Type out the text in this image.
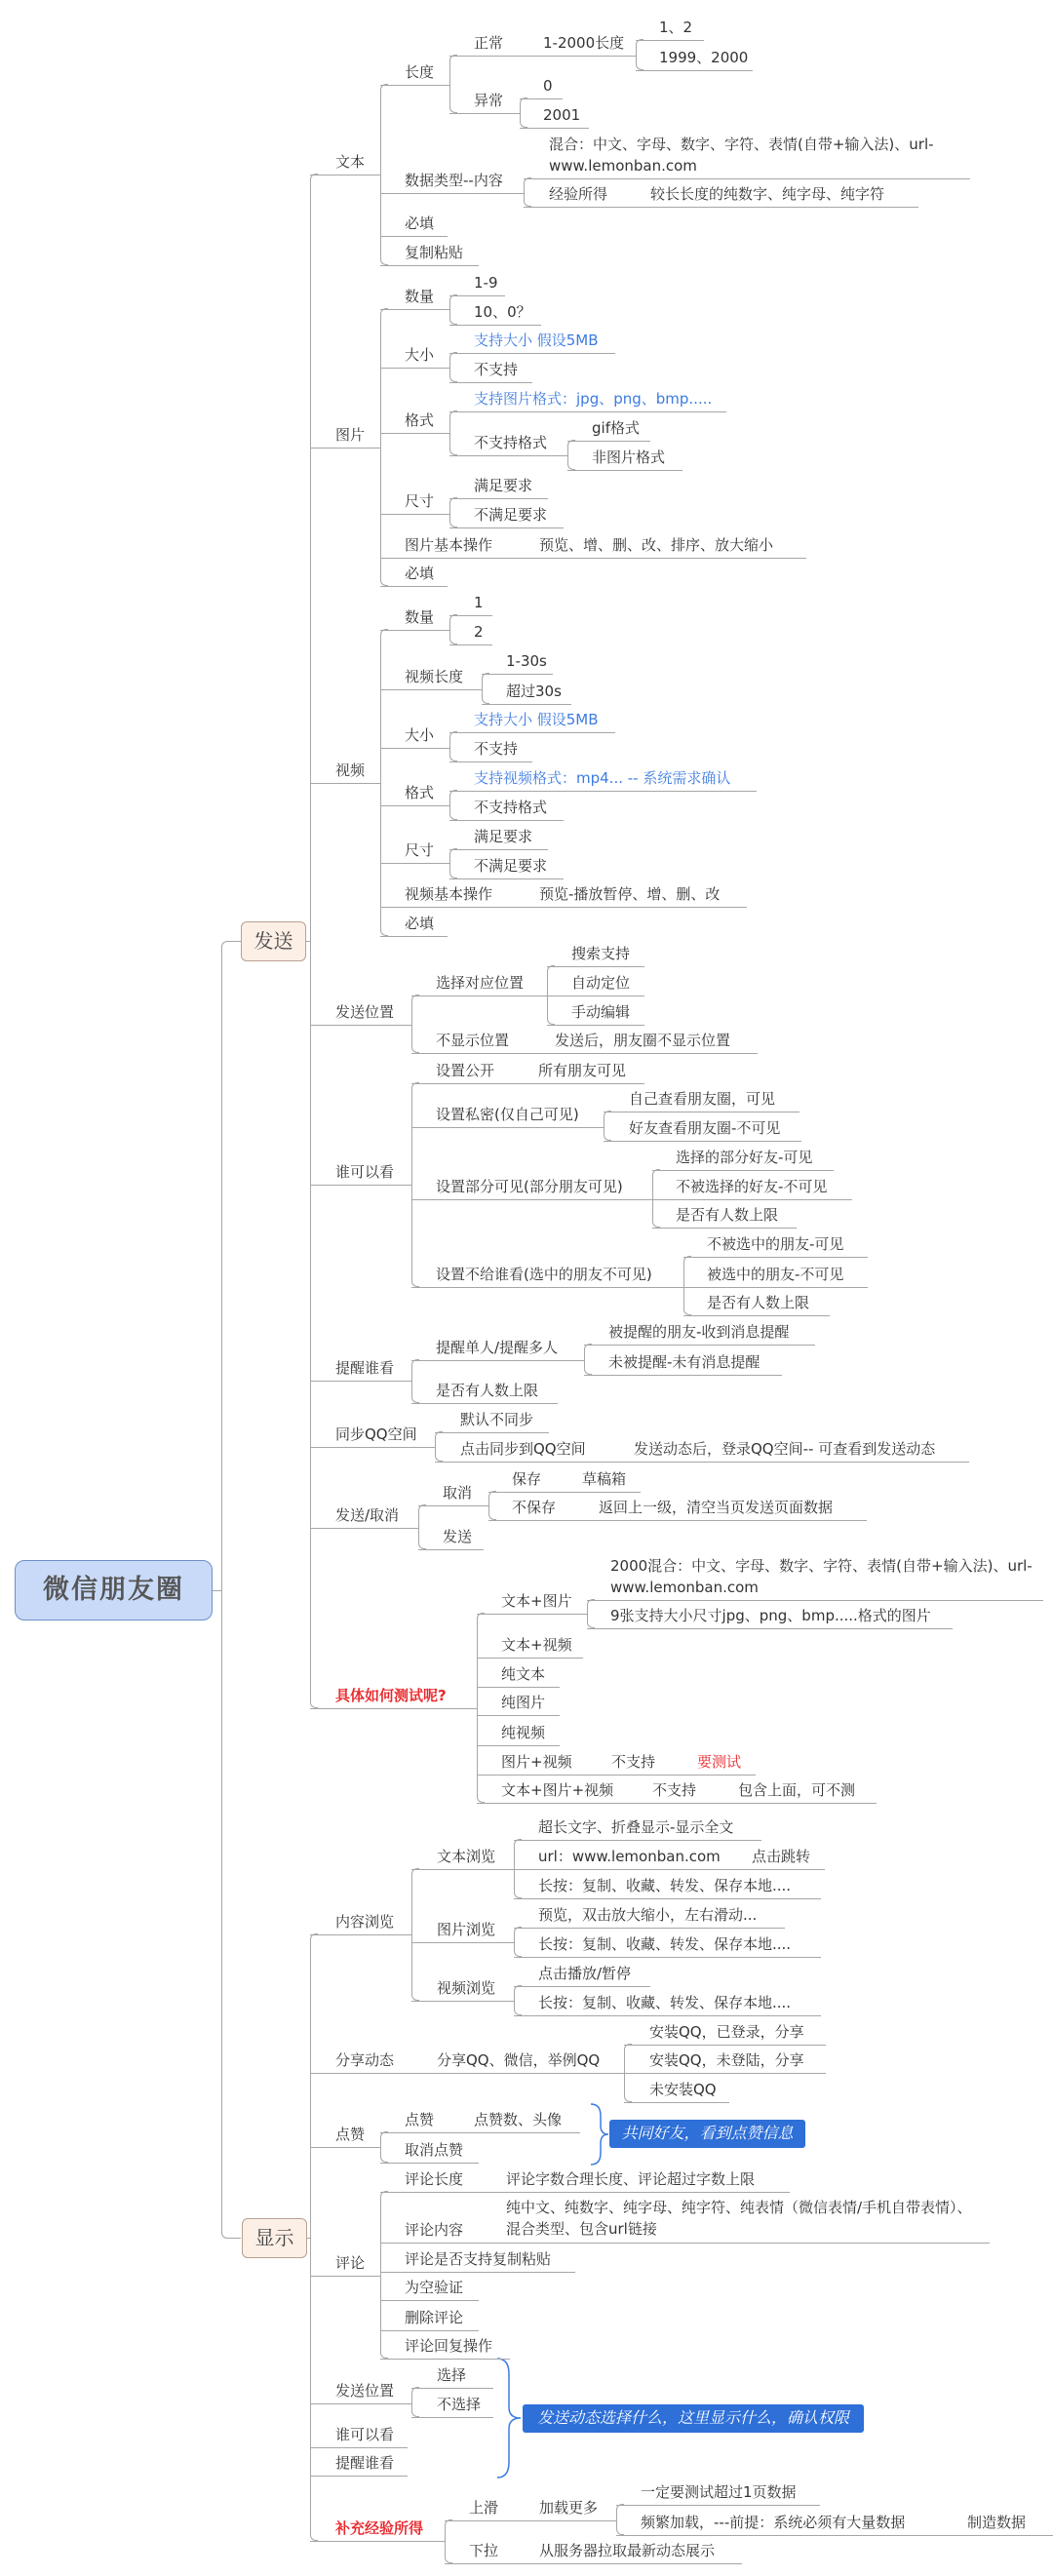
微信朋友圈
发送
显示
共同好友，看到点赞信息
发送动态选择什么，这里显示什么，确认权限
文本
长度
正常
1、2
1999、2000
异常
0
2001
数据类型--内容
混合：中文、字母、数字、字符、表情(自带+输入法)、url-www.lemonban.com
经验所得
必填
复制粘贴
图片
数量
1-9
10、0？
大小
支持大小 假设5MB
不支持
格式
支持图片格式：jpg、png、bmp.....
不支持格式
gif格式
非图片格式
尺寸
满足要求
不满足要求
图片基本操作
必填
视频
数量
1
2
视频长度
1-30s
超过30s
大小
支持大小 假设5MB
不支持
格式
支持视频格式：mp4... -- 系统需求确认
不支持格式
尺寸
满足要求
不满足要求
视频基本操作
必填
发送位置
选择对应位置
搜索支持
自动定位
手动编辑
不显示位置
谁可以看
设置公开
设置私密(仅自己可见)
自己查看朋友圈，可见
好友查看朋友圈-不可见
设置部分可见(部分朋友可见)
选择的部分好友-可见
不被选择的好友-不可见
是否有人数上限
设置不给谁看(选中的朋友不可见)
不被选中的朋友-可见
被选中的朋友-不可见
是否有人数上限
提醒谁看
提醒单人/提醒多人
被提醒的朋友-收到消息提醒
未被提醒-未有消息提醒
是否有人数上限
同步QQ空间
默认不同步
点击同步到QQ空间
发送/取消
取消
保存
不保存
发送
具体如何测试呢?
文本+图片
2000混合：中文、字母、数字、字符、表情(自带+输入法)、url-www.lemonban.com
9张支持大小尺寸jpg、png、bmp.....格式的图片
文本+视频
纯文本
纯图片
纯视频
图片+视频
文本+图片+视频
内容浏览
文本浏览
超长文字、折叠显示-显示全文
url：www.lemonban.com
长按：复制、收藏、转发、保存本地....
图片浏览
预览，双击放大缩小，左右滑动...
长按：复制、收藏、转发、保存本地....
视频浏览
点击播放/暂停
长按：复制、收藏、转发、保存本地....
分享动态
安装QQ，已登录，分享
安装QQ，未登陆，分享
未安装QQ
点赞
点赞
取消点赞
评论
评论长度
评论内容
评论是否支持复制粘贴
为空验证
删除评论
评论回复操作
发送位置
选择
不选择
谁可以看
提醒谁看
补充经验所得
上滑
一定要测试超过1页数据
频繁加载，---前提：系统必须有大量数据
下拉
1-2000长度
较长长度的纯数字、纯字母、纯字符
预览、增、删、改、排序、放大缩小
预览-播放暂停、增、删、改
发送后，朋友圈不显示位置
所有朋友可见
发送动态后，登录QQ空间-- 可查看到发送动态
草稿箱
返回上一级，清空当页发送页面数据
不支持	要测试
不支持	包含上面，可不测
点击跳转
分享QQ、微信，举例QQ
点赞数、头像
评论字数合理长度、评论超过字数上限
纯中文、纯数字、纯字母、纯字符、纯表情（微信表情/手机自带表情）、混合类型、包含url链接
加载更多
制造数据
从服务器拉取最新动态展示
